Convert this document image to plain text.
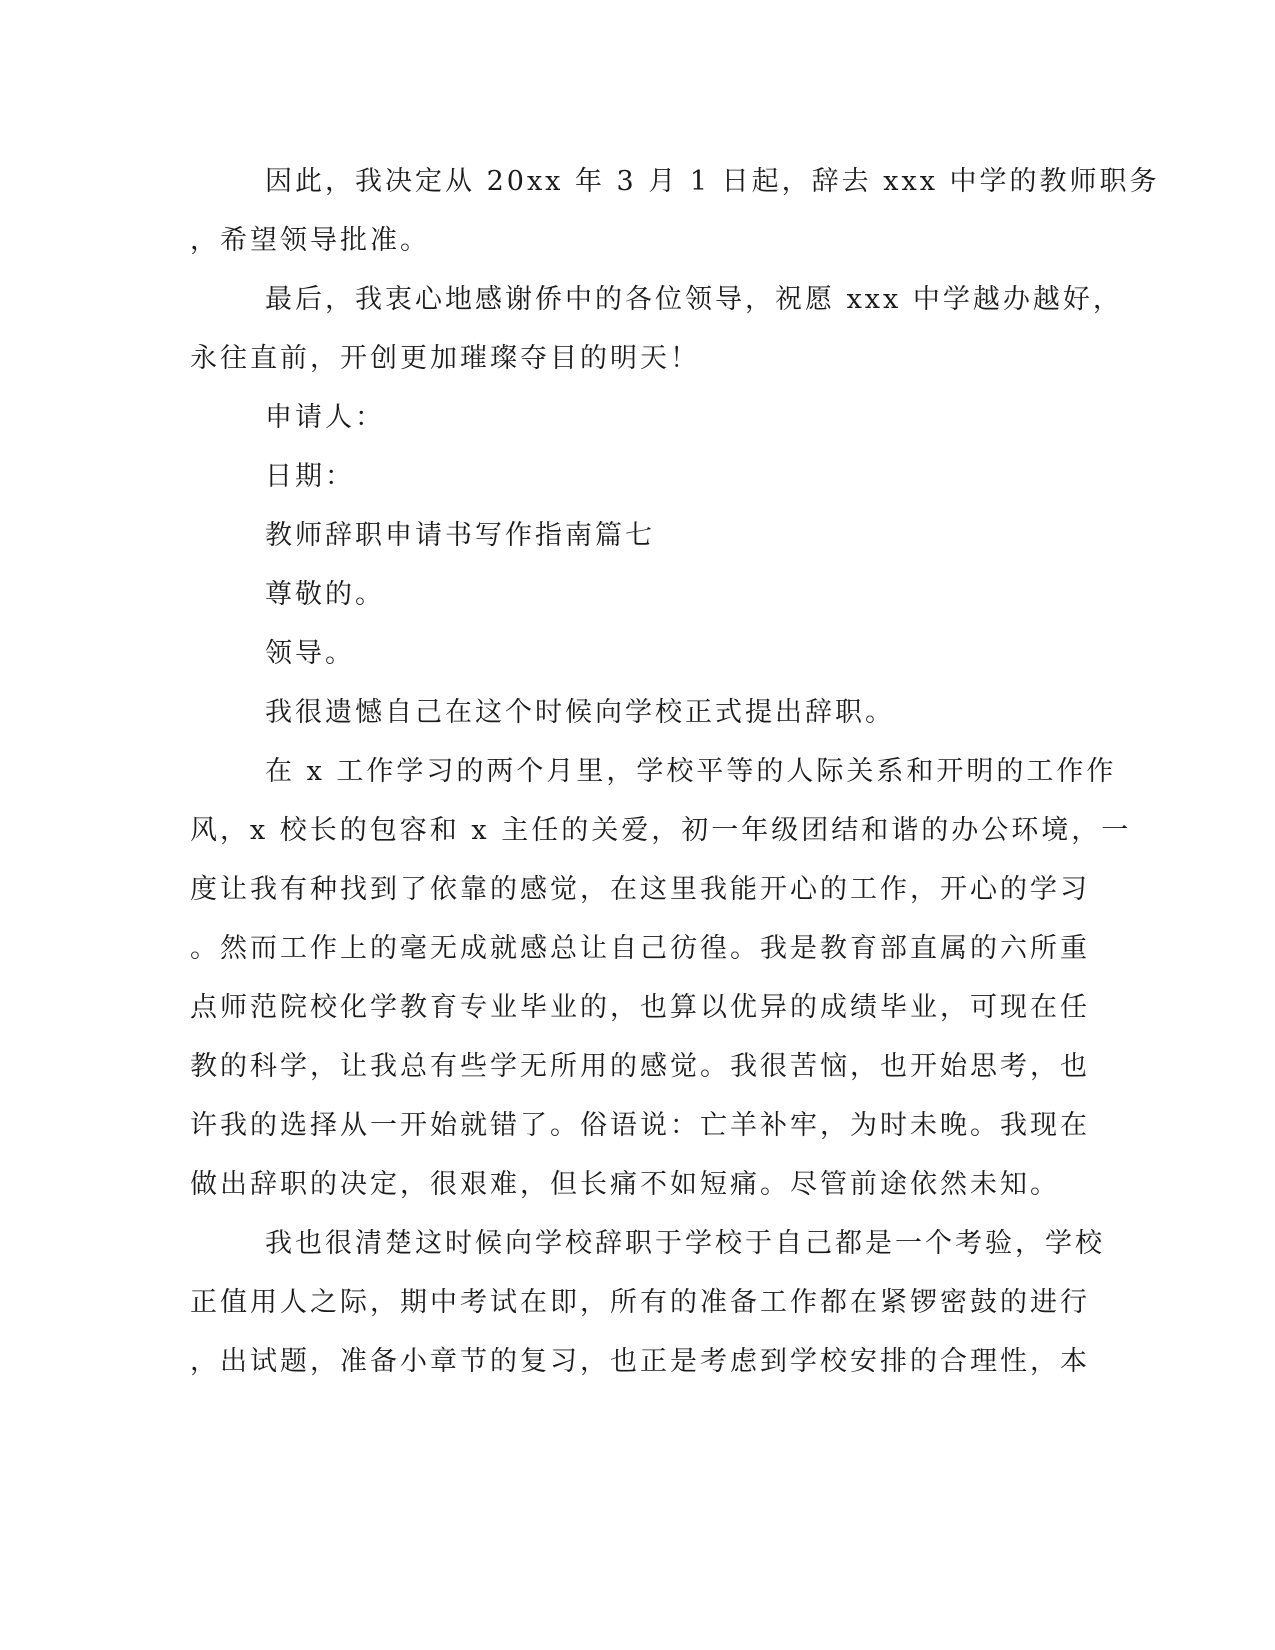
因此，我决定从 20xx 年 3 月 1 日起，辞去 xxx 中学的教师职务

，希望领导批准。

最后，我衷心地感谢侨中的各位领导，祝愿 xxx 中学越办越好，

永往直前，开创更加璀璨夺目的明天！

申请人：

日期：

教师辞职申请书写作指南篇七

尊敬的。

领导。

我很遗憾自己在这个时候向学校正式提出辞职。

在 x 工作学习的两个月里，学校平等的人际关系和开明的工作作

风，x 校长的包容和 x 主任的关爱，初一年级团结和谐的办公环境，一

度让我有种找到了依靠的感觉，在这里我能开心的工作，开心的学习

。然而工作上的毫无成就感总让自己彷徨。我是教育部直属的六所重

点师范院校化学教育专业毕业的，也算以优异的成绩毕业，可现在任

教的科学，让我总有些学无所用的感觉。我很苦恼，也开始思考，也

许我的选择从一开始就错了。俗语说：亡羊补牢，为时未晚。我现在

做出辞职的决定，很艰难，但长痛不如短痛。尽管前途依然未知。

我也很清楚这时候向学校辞职于学校于自己都是一个考验，学校

正值用人之际，期中考试在即，所有的准备工作都在紧锣密鼓的进行

，出试题，准备小章节的复习，也正是考虑到学校安排的合理性，本
